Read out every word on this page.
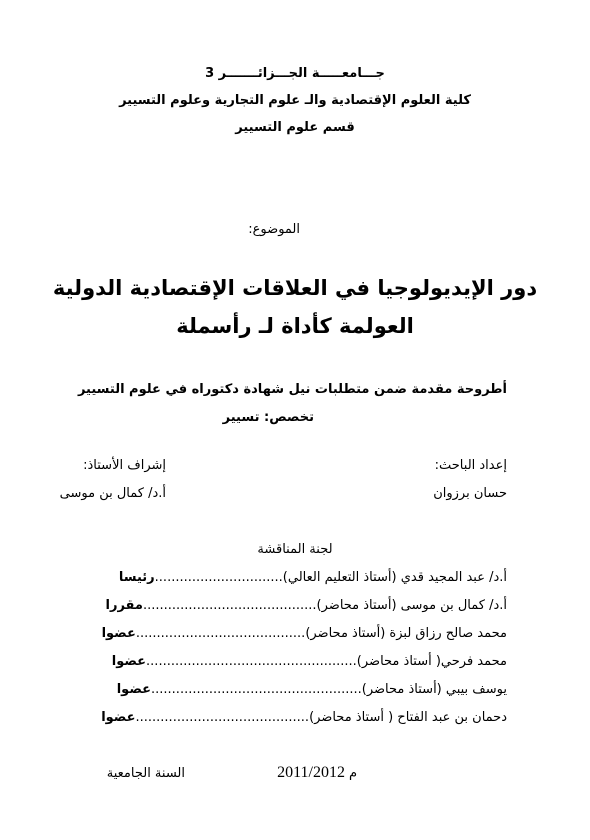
جـــامعـــــة الجـــزائـــــــر 3
كلية العلوم الإقتصادية والـ علوم التجارية وعلوم التسيير
قسم علوم التسيير
الموضوع:
دور الإيديولوجيا في العلاقات الإقتصادية الدولية
العولمة كأداة لـ رأسملة
أطروحة مقدمة ضمن متطلبات نيل شهادة دكتوراه في علوم التسيير
تخصص: تسيير
إعداد الباحث:
حسان برزوان
إشراف الأستاذ:
أ.د/ كمال بن موسى
لجنة المناقشة
أ.د/ عبد المجيد قدي (أستاذ التعليم العالي)...............................رئيسا
أ.د/ كمال بن موسى (أستاذ محاضر)..........................................مقررا
محمد صالح رزاق لبزة (أستاذ محاضر).........................................عضوا
محمد فرحي( أستاذ محاضر)...................................................عضوا
يوسف بيبي (أستاذ محاضر)...................................................عضوا
دحمان بن عبد الفتاح ( أستاذ محاضر)..........................................عضوا
السنة الجامعية	2011/2012 م
